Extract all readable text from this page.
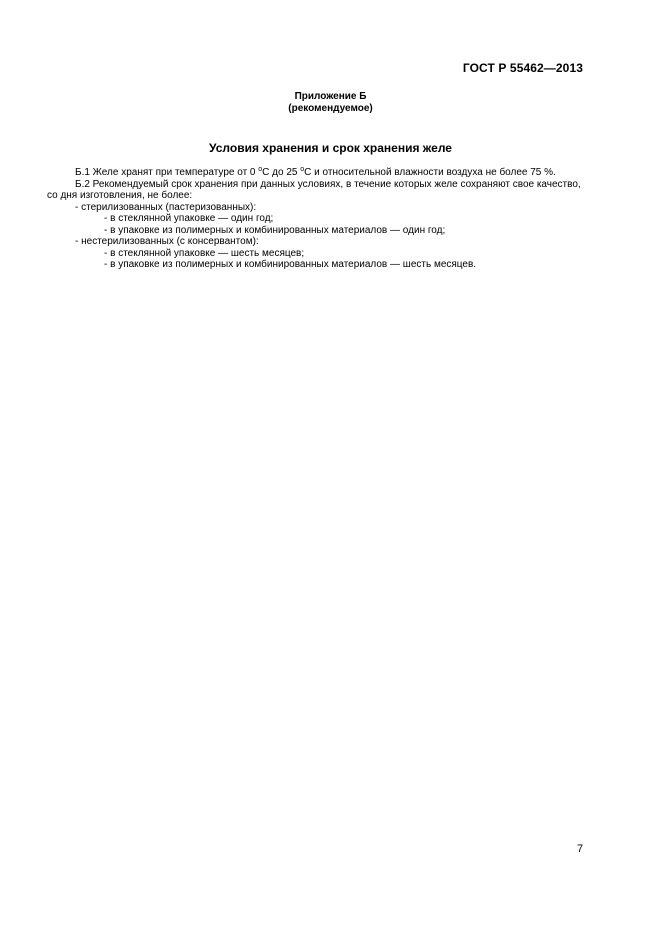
ГОСТ Р 55462—2013
Приложение Б
(рекомендуемое)
Условия хранения и срок хранения желе
Б.1 Желе хранят при температуре от 0 $^о$С до 25 $^о$С и относительной влажности воздуха не более 75 %.
Б.2 Рекомендуемый срок хранения при данных условиях, в течение которых желе сохраняют свое качество,
со дня изготовления, не более:
- стерилизованных (пастеризованных):
- в стеклянной упаковке — один год;
- в упаковке из полимерных и комбинированных материалов — один год;
- нестерилизованных (с консервантом):
- в стеклянной упаковке — шесть месяцев;
- в упаковке из полимерных и комбинированных материалов — шесть месяцев.
7
